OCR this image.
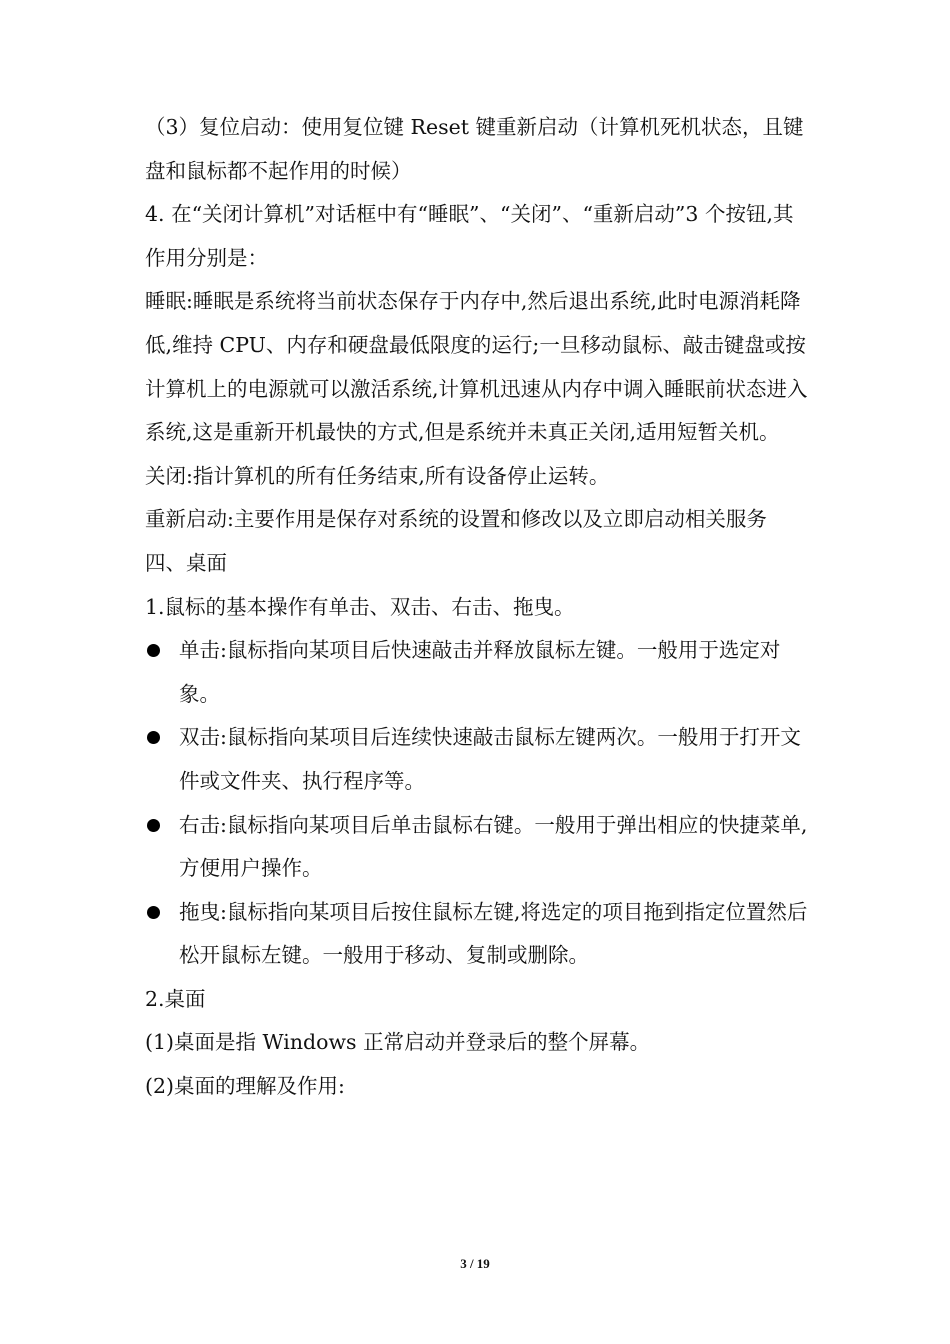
（3）复位启动：使用复位键 Reset 键重新启动（计算机死机状态，且键盘和鼠标都不起作用的时候）

4. 在“关闭计算机”对话框中有“睡眠”、“关闭”、“重新启动”3 个按钮,其作用分别是：

睡眠:睡眠是系统将当前状态保存于内存中,然后退出系统,此时电源消耗降低,维持 CPU、内存和硬盘最低限度的运行;一旦移动鼠标、敲击键盘或按计算机上的电源就可以激活系统,计算机迅速从内存中调入睡眠前状态进入系统,这是重新开机最快的方式,但是系统并未真正关闭,适用短暂关机。

关闭:指计算机的所有任务结束,所有设备停止运转。

重新启动:主要作用是保存对系统的设置和修改以及立即启动相关服务

四、桌面

1.鼠标的基本操作有单击、双击、右击、拖曳。

单击:鼠标指向某项目后快速敲击并释放鼠标左键。一般用于选定对象。
双击:鼠标指向某项目后连续快速敲击鼠标左键两次。一般用于打开文件或文件夹、执行程序等。
右击:鼠标指向某项目后单击鼠标右键。一般用于弹出相应的快捷菜单,方便用户操作。
拖曳:鼠标指向某项目后按住鼠标左键,将选定的项目拖到指定位置然后松开鼠标左键。一般用于移动、复制或删除。

2.桌面

(1)桌面是指 Windows 正常启动并登录后的整个屏幕。

(2)桌面的理解及作用:

3 / 19
